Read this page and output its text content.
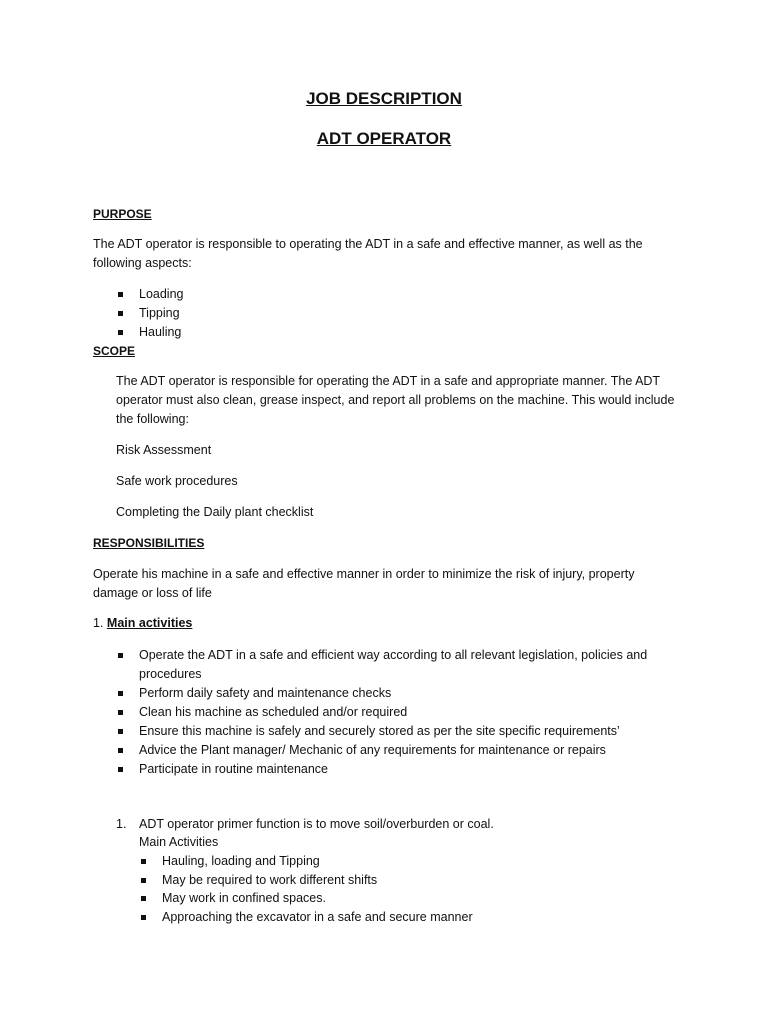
JOB DESCRIPTION
ADT OPERATOR
PURPOSE
The ADT operator is responsible to operating the ADT in a safe and effective manner, as well as the following aspects:
Loading
Tipping
Hauling
SCOPE
The ADT operator is responsible for operating the ADT in a safe and appropriate manner. The ADT operator must also clean, grease inspect, and report all problems on the machine. This would include the following:
Risk Assessment
Safe work procedures
Completing the Daily plant checklist
RESPONSIBILITIES
Operate his machine in a safe and effective manner in order to minimize the risk of injury, property damage or loss of life
1. Main activities
Operate the ADT in a safe and efficient way according to all relevant legislation, policies and procedures
Perform daily safety and maintenance checks
Clean his machine as scheduled and/or required
Ensure this machine is safely and securely stored as per the site specific requirements’
Advice the Plant manager/ Mechanic of any requirements for maintenance or repairs
Participate in routine maintenance
1. ADT operator primer function is to move soil/overburden or coal.
Main Activities
Hauling, loading and Tipping
May be required to work different shifts
May work in confined spaces.
Approaching the excavator in a safe and secure manner
